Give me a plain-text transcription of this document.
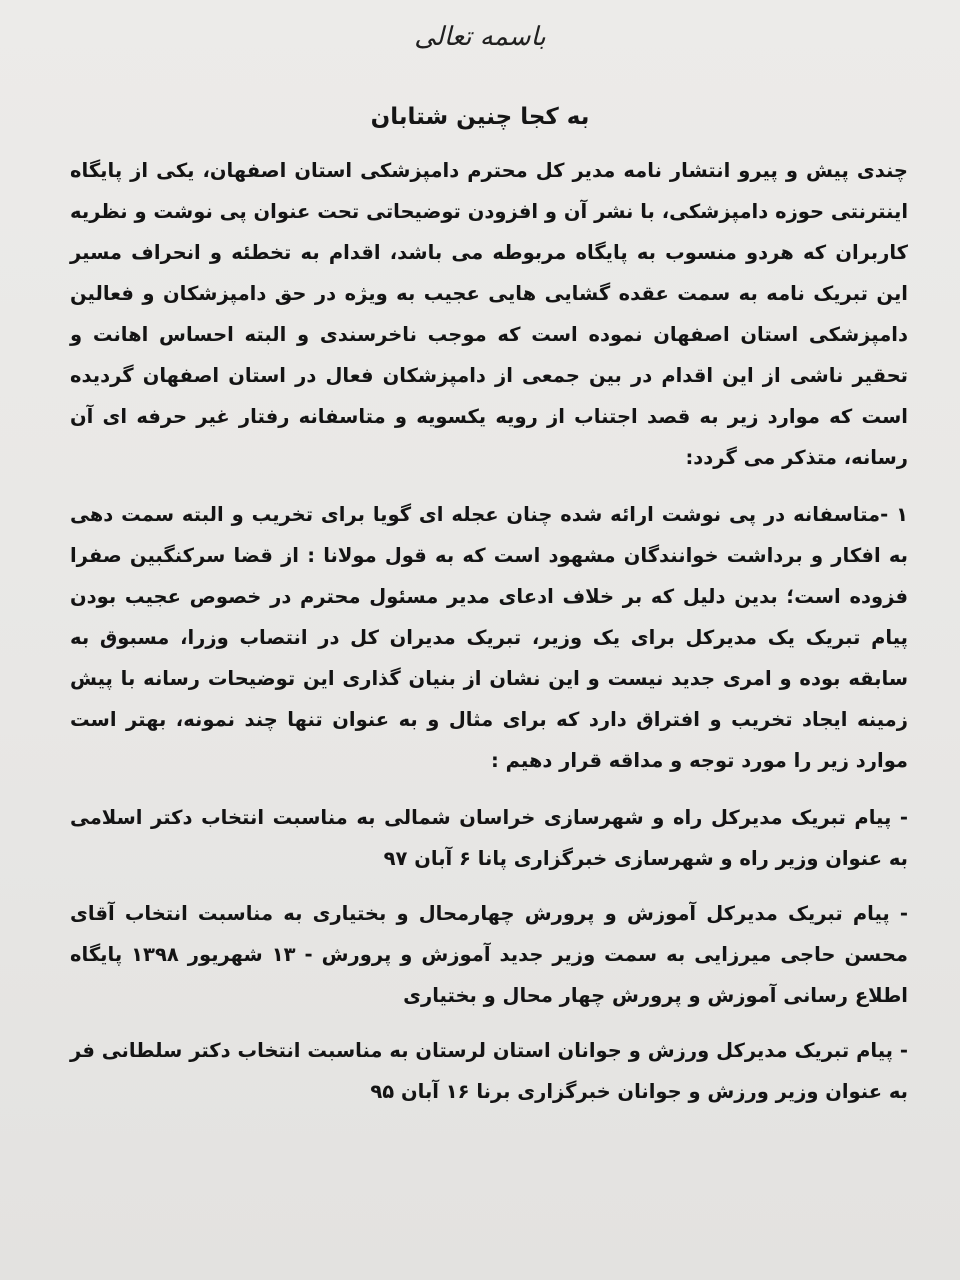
باسمه تعالی
به کجا چنین شتابان

چندی پیش و پیرو انتشار نامه مدیر کل محترم دامپزشکی استان اصفهان، یکی از پایگاه اینترنتی حوزه دامپزشکی، با نشر آن و افزودن توضیحاتی تحت عنوان پی نوشت و نظریه کاربران که هردو منسوب به پایگاه مربوطه می باشد، اقدام به تخطئه و انحراف مسیر این تبریک نامه به سمت عقده گشایی هایی عجیب به ویژه در حق دامپزشکان و فعالین دامپزشکی استان اصفهان نموده است که موجب ناخرسندی و البته احساس اهانت و تحقیر ناشی از این اقدام در بین جمعی از دامپزشکان فعال در استان اصفهان گردیده است که موارد زیر به قصد اجتناب از رویه یکسویه و متاسفانه رفتار غیر حرفه ای آن رسانه، متذکر می گردد:

۱ -متاسفانه در پی نوشت ارائه شده چنان عجله ای گویا برای تخریب و البته سمت دهی به افکار و برداشت خوانندگان مشهود است که به قول مولانا : از قضا سرکنگبین صفرا فزوده است؛ بدین دلیل که بر خلاف ادعای مدیر مسئول محترم در خصوص عجیب بودن پیام تبریک یک مدیرکل برای یک وزیر، تبریک مدیران کل در انتصاب وزرا، مسبوق به سابقه بوده و امری جدید نیست و این نشان از بنیان گذاری این توضیحات رسانه با پیش زمینه ایجاد تخریب و افتراق دارد که برای مثال و به عنوان تنها چند نمونه، بهتر است موارد زیر را مورد توجه و مداقه قرار دهیم :

- پیام تبریک مدیرکل راه و شهرسازی خراسان شمالی به مناسبت انتخاب دکتر اسلامی به عنوان وزیر راه و شهرسازی خبرگزاری پانا ۶ آبان ۹۷

- پیام تبریک مدیرکل آموزش و پرورش چهارمحال و بختیاری به مناسبت انتخاب آقای محسن حاجی میرزایی به سمت وزیر جدید آموزش و پرورش - ۱۳ شهریور ۱۳۹۸ پایگاه اطلاع رسانی آموزش و پرورش چهار محال و بختیاری

- پیام تبریک مدیرکل ورزش و جوانان استان لرستان به مناسبت انتخاب دکتر سلطانی فر به عنوان وزیر ورزش و جوانان خبرگزاری برنا ۱۶ آبان ۹۵
